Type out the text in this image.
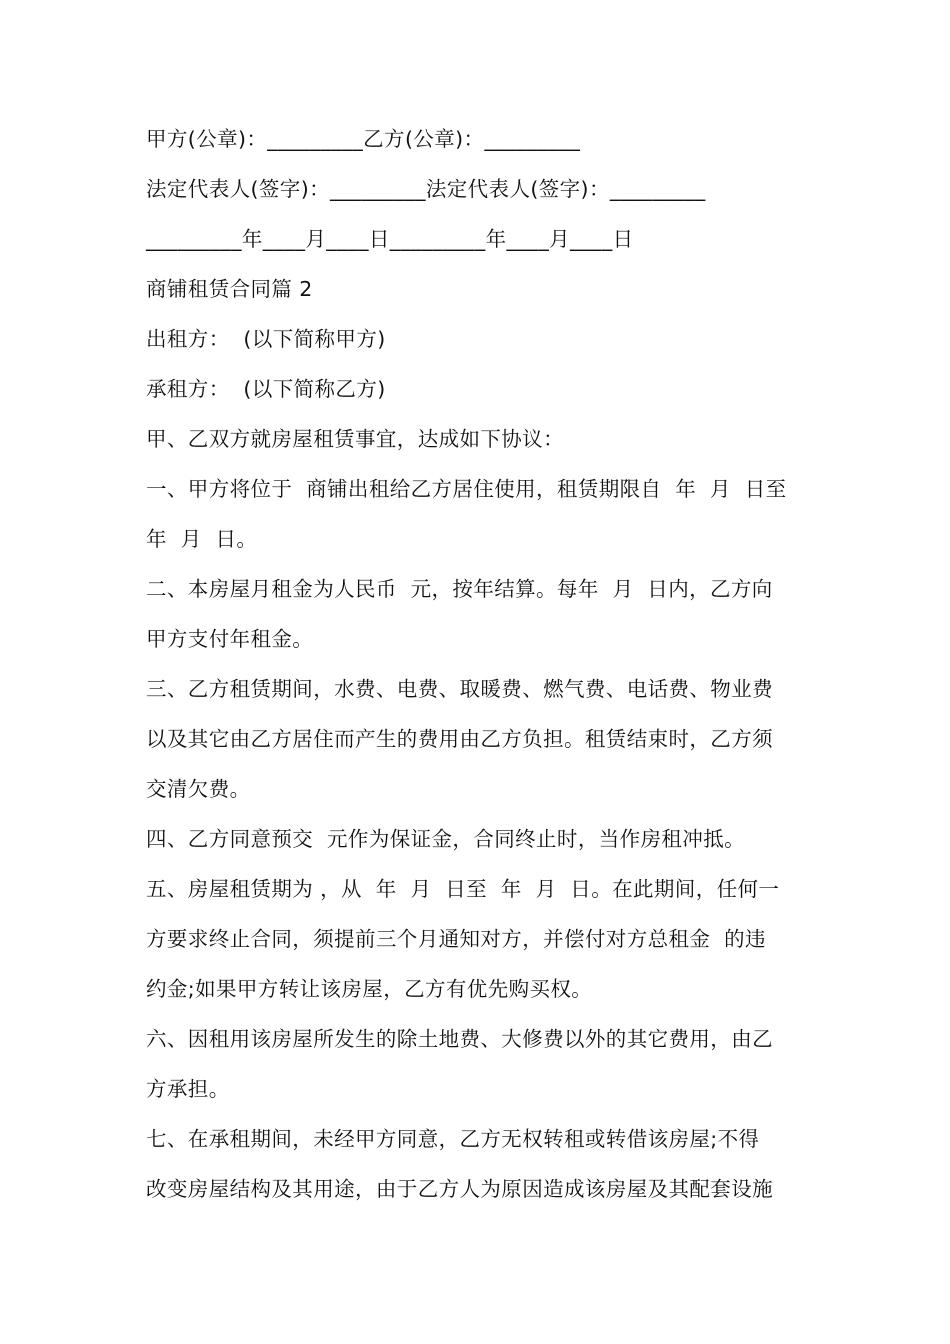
甲方(公章)：_________乙方(公章)：_________
法定代表人(签字)：_________法定代表人(签字)：_________
_________年____月____日_________年____月____日
商铺租赁合同篇 2
出租方：  (以下简称甲方)
承租方：  (以下简称乙方)
甲、乙双方就房屋租赁事宜，达成如下协议：
一、甲方将位于  商铺出租给乙方居住使用，租赁期限自  年  月  日至
年  月  日。
二、本房屋月租金为人民币  元，按年结算。每年  月  日内，乙方向
甲方支付年租金。
三、乙方租赁期间，水费、电费、取暖费、燃气费、电话费、物业费
以及其它由乙方居住而产生的费用由乙方负担。租赁结束时，乙方须
交清欠费。
四、乙方同意预交  元作为保证金，合同终止时，当作房租冲抵。
五、房屋租赁期为 ，从  年  月  日至  年  月  日。在此期间，任何一
方要求终止合同，须提前三个月通知对方，并偿付对方总租金  的违
约金;如果甲方转让该房屋，乙方有优先购买权。
六、因租用该房屋所发生的除土地费、大修费以外的其它费用，由乙
方承担。
七、在承租期间，未经甲方同意，乙方无权转租或转借该房屋;不得
改变房屋结构及其用途，由于乙方人为原因造成该房屋及其配套设施
